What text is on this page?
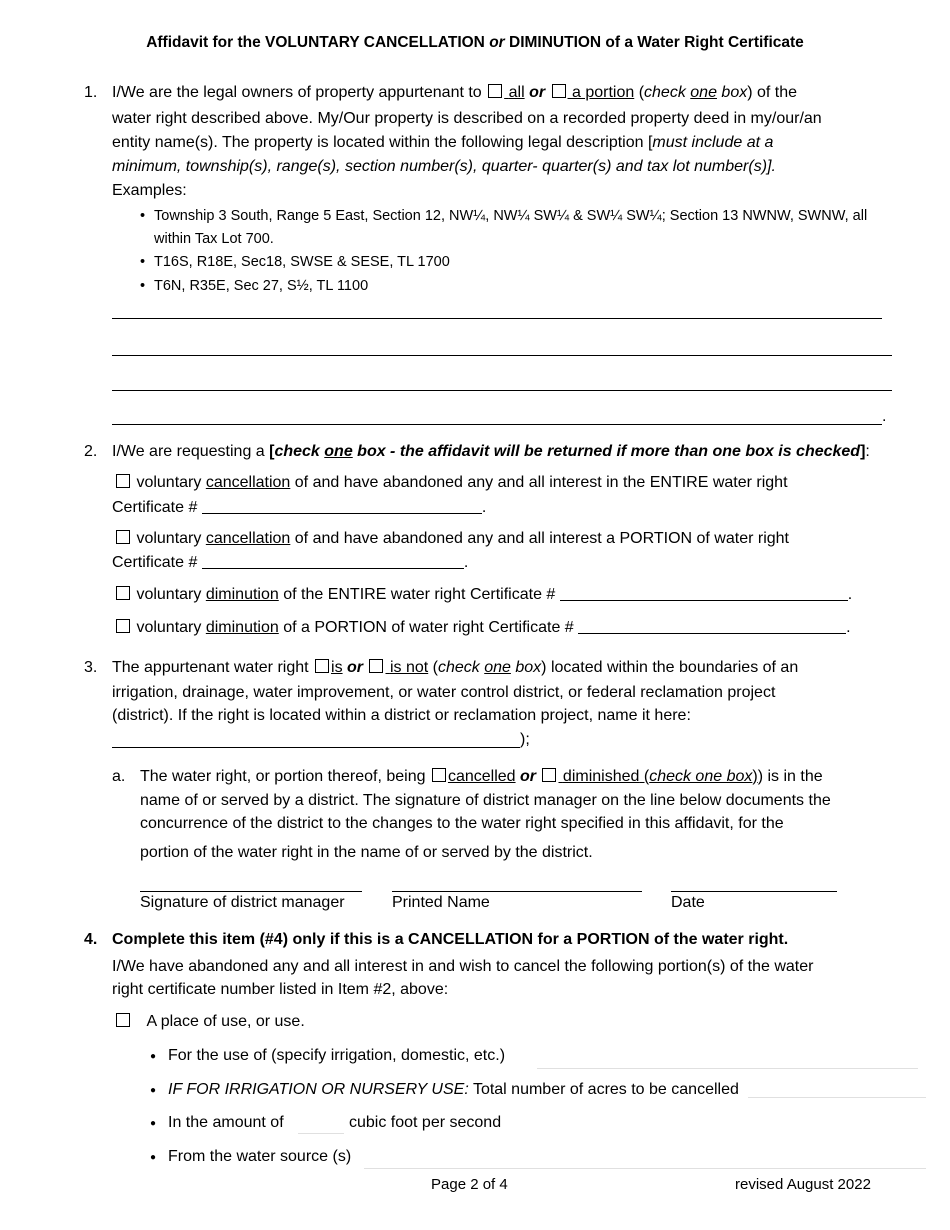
Affidavit for the VOLUNTARY CANCELLATION or DIMINUTION of a Water Right Certificate
1. I/We are the legal owners of property appurtenant to all or a portion (check one box) of the
water right described above. My/Our property is described on a recorded property deed in my/our/an
entity name(s). The property is located within the following legal description [must include at a
minimum, township(s), range(s), section number(s), quarter- quarter(s) and tax lot number(s)].
Examples:
• Township 3 South, Range 5 East, Section 12, NW¼, NW¼ SW¼ & SW¼ SW¼; Section 13 NWNW, SWNW, all
within Tax Lot 700.
• T16S, R18E, Sec18, SWSE & SESE, TL 1700
• T6N, R35E, Sec 27, S½, TL 1100
.
2. I/We are requesting a [check one box - the affidavit will be returned if more than one box is checked]:
voluntary cancellation of and have abandoned any and all interest in the ENTIRE water right
Certificate #	.
voluntary cancellation of and have abandoned any and all interest a PORTION of water right
Certificate #	.
voluntary diminution of the ENTIRE water right Certificate #	.
voluntary diminution of a PORTION of water right Certificate #	.
3. The appurtenant water right is or is not (check one box) located within the boundaries of an
irrigation, drainage, water improvement, or water control district, or federal reclamation project
(district). If the right is located within a district or reclamation project, name it here:
);
a. The water right, or portion thereof, being cancelled or diminished (check one box)) is in the
name of or served by a district. The signature of district manager on the line below documents the
concurrence of the district to the changes to the water right specified in this affidavit, for the
portion of the water right in the name of or served by the district.
Signature of district manager	Printed Name	Date
4. Complete this item (#4) only if this is a CANCELLATION for a PORTION of the water right.
I/We have abandoned any and all interest in and wish to cancel the following portion(s) of the water
right certificate number listed in Item #2, above:
A place of use, or use.
● For the use of (specify irrigation, domestic, etc.)
● IF FOR IRRIGATION OR NURSERY USE: Total number of acres to be cancelled
● In the amount of	cubic foot per second
● From the water source (s)
Page 2 of 4	revised August 2022
